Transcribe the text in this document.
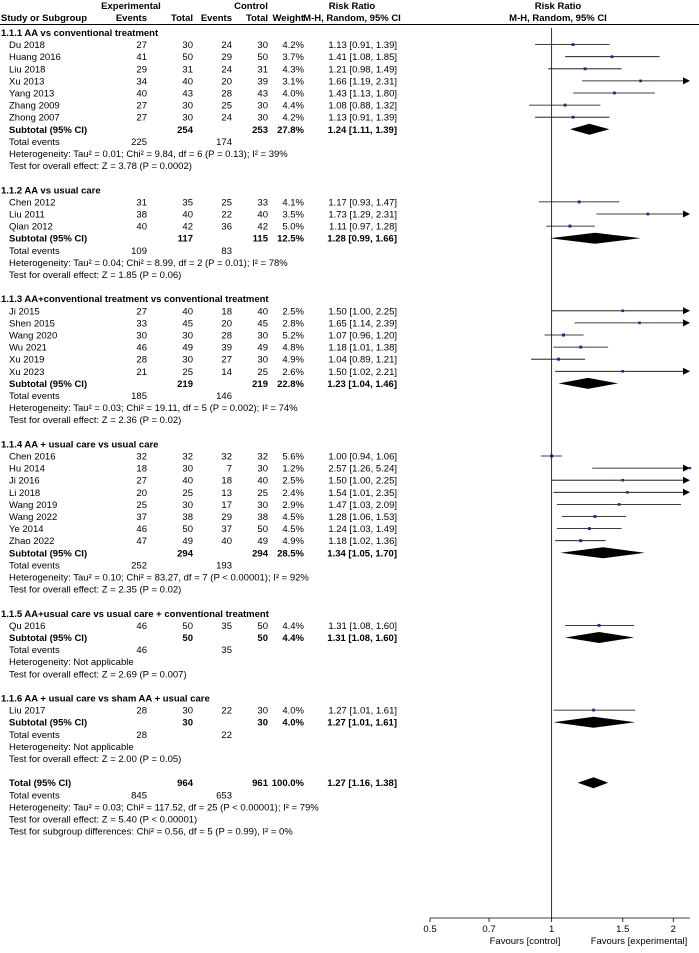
Experimental	Control	Risk Ratio	Risk Ratio
Study or Subgroup	Events	Total Events Total Weight M-H, Random, 95% CI	M-H, Random, 95% CI
1.1.1 AA vs conventional treatment
Du 2018	27	30	24	30 4.2%	1.13 [0.91, 1.39]
Huang 2016	41	50	29	50 3.7%	1.41 [1.08, 1.85]
Liu 2018	29	31	24	31 4.3%	1.21 [0.98, 1.49]
Xu 2013	34	40	20	39 3.1%	1.66 [1.19, 2.31]
Yang 2013	40	43	28	43 4.0%	1.43 [1.13, 1.80]
Zhang 2009	27	30	25	30 4.4%	1.08 [0.88, 1.32]
Zhong 2007	27	30	24	30 4.2%	1.13 [0.91, 1.39]
Subtotal (95% CI)	254	253 27.8%	1.24 [1.11, 1.39]
Total events	225	174
Heterogeneity: Tau² = 0.01; Chi² = 9.84, df = 6 (P = 0.13); I² = 39%
Test for overall effect: Z = 3.78 (P = 0.0002)
1.1.2 AA vs usual care
Chen 2012	31	35	25	33 4.1%	1.17 [0.93, 1.47]
Liu 2011	38	40	22	40 3.5%	1.73 [1.29, 2.31]
Qian 2012	40	42	36	42 5.0%	1.11 [0.97, 1.28]
Subtotal (95% CI)	117	115 12.5% 1.28 [0.99, 1.66]
Total events	109	83
Heterogeneity: Tau² = 0.04; Chi² = 8.99, df = 2 (P = 0.01); I² = 78%
Test for overall effect: Z = 1.85 (P = 0.06)
1.1.3 AA+conventional treatment vs conventional treatment
Ji 2015	27	40	18	40 2.5%	1.50 [1.00, 2.25]
Shen 2015	33	45	20	45 2.8%	1.65 [1.14, 2.39]
Wang 2020	30	30	28	30 5.2%	1.07 [0.96, 1.20]
Wu 2021	46	49	39	49 4.8%	1.18 [1.01, 1.38]
Xu 2019	28	30	27	30 4.9%	1.04 [0.89, 1.21]
Xu 2023	21	25	14	25 2.6%	1.50 [1.02, 2.21]
Subtotal (95% CI)	219	219 22.8% 1.23 [1.04, 1.46]
Total events	185	146
Heterogeneity: Tau² = 0.03; Chi² = 19.11, df = 5 (P = 0.002); I² = 74%
Test for overall effect: Z = 2.36 (P = 0.02)
1.1.4 AA + usual care vs usual care
Chen 2016	32	32	32	32 5.6%	1.00 [0.94, 1.06]
Hu 2014	18	30	7	30 1.2%	2.57 [1.26, 5.24]
Ji 2016	27	40	18	40 2.5%	1.50 [1.00, 2.25]
Li 2018	20	25	13	25 2.4%	1.54 [1.01, 2.35]
Wang 2019	25	30	17	30 2.9%	1.47 [1.03, 2.09]
Wang 2022	37	38	29	38 4.5%	1.28 [1.06, 1.53]
Ye 2014	46	50	37	50 4.5%	1.24 [1.03, 1.49]
Zhao 2022	47	49	40	49 4.9%	1.18 [1.02, 1.36]
Subtotal (95% CI)	294	294 28.5% 1.34 [1.05, 1.70]
Total events	252	193
Heterogeneity: Tau² = 0.10; Chi² = 83.27, df = 7 (P < 0.00001); I² = 92%
Test for overall effect: Z = 2.35 (P = 0.02)
1.1.5 AA+usual care vs usual care + conventional treatment
Qu 2016	46	50	35	50 4.4%	1.31 [1.08, 1.60]
Subtotal (95% CI)	50	50 4.4% 1.31 [1.08, 1.60]
Total events	46	35
Heterogeneity: Not applicable
Test for overall effect: Z = 2.69 (P = 0.007)
1.1.6 AA + usual care vs sham AA + usual care
Liu 2017	28	30	22	30 4.0%	1.27 [1.01, 1.61]
Subtotal (95% CI)	30	30 4.0% 1.27 [1.01, 1.61]
Total events	28	22
Heterogeneity: Not applicable
Test for overall effect: Z = 2.00 (P = 0.05)
Total (95% CI)	964	961 100.0% 1.27 [1.16, 1.38]
Total events	845	653
Heterogeneity: Tau² = 0.03; Chi² = 117.52, df = 25 (P < 0.00001); I² = 79%
Test for overall effect: Z = 5.40 (P < 0.00001)
Test for subgroup differences: Chi² = 0.56, df = 5 (P = 0.99), I² = 0%
0.5	0.7	1	1.5	2
Favours [control]	Favours [experimental]
